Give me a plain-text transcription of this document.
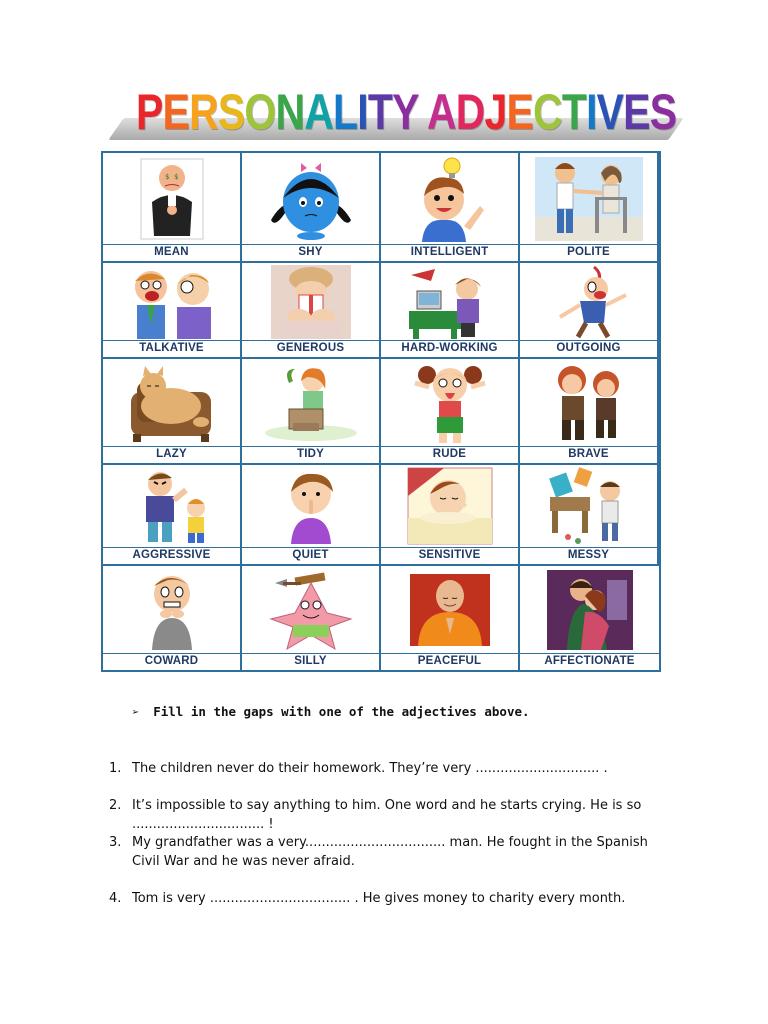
PERSONALITY ADJECTIVES
$ $
MEAN	SHY	INTELLIGENT	POLITE
TALKATIVE	GENEROUS	HARD-WORKING	OUTGOING
LAZY	TIDY	RUDE	BRAVE
AGGRESSIVE	QUIET	SENSITIVE	MESSY
COWARD	SILLY	PEACEFUL	AFFECTIONATE

➢ Fill in the gaps with one of the adjectives above.

1. The children never do their homework. They’re very .............................. .
2. It’s impossible to say anything to him. One word and he starts crying. He is so ................................ !
3. My grandfather was a very.................................. man. He fought in the Spanish Civil War and he was never afraid.
4. Tom is very .................................. . He gives money to charity every month.
